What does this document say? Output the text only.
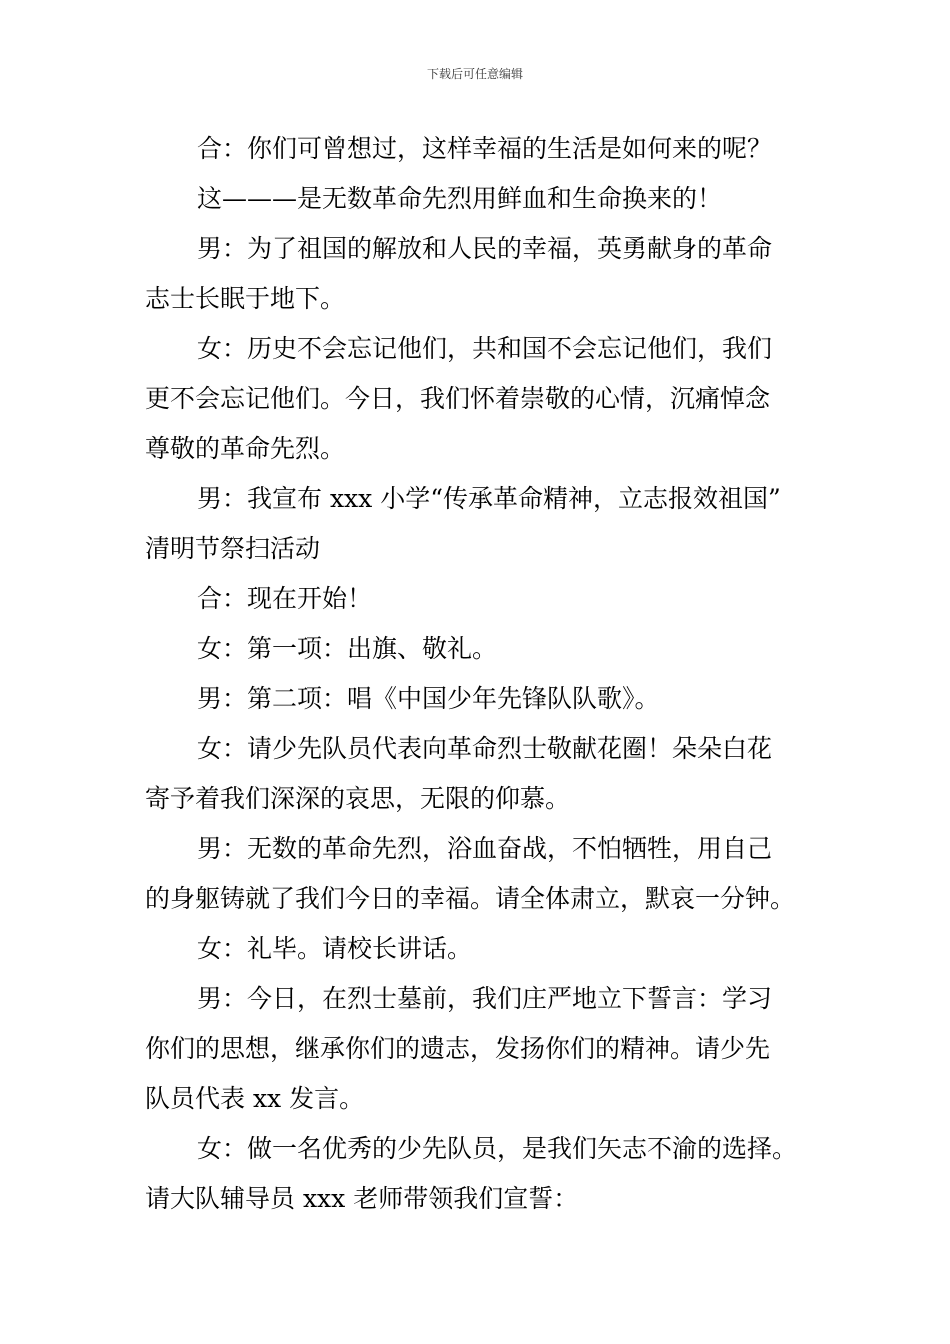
下载后可任意编辑
合：你们可曾想过，这样幸福的生活是如何来的呢？
这———是无数革命先烈用鲜血和生命换来的！
男：为了祖国的解放和人民的幸福，英勇献身的革命
志士长眠于地下。
女：历史不会忘记他们，共和国不会忘记他们，我们
更不会忘记他们。今日，我们怀着崇敬的心情，沉痛悼念
尊敬的革命先烈。
男：我宣布 xxx 小学“传承革命精神，立志报效祖国”
清明节祭扫活动
合：现在开始！
女：第一项：出旗、敬礼。
男：第二项：唱《中国少年先锋队队歌》。
女：请少先队员代表向革命烈士敬献花圈！朵朵白花
寄予着我们深深的哀思，无限的仰慕。
男：无数的革命先烈，浴血奋战，不怕牺牲，用自己
的身躯铸就了我们今日的幸福。请全体肃立，默哀一分钟。
女：礼毕。请校长讲话。
男：今日，在烈士墓前，我们庄严地立下誓言：学习
你们的思想，继承你们的遗志，发扬你们的精神。请少先
队员代表 xx 发言。
女：做一名优秀的少先队员，是我们矢志不渝的选择。
请大队辅导员 xxx 老师带领我们宣誓：
